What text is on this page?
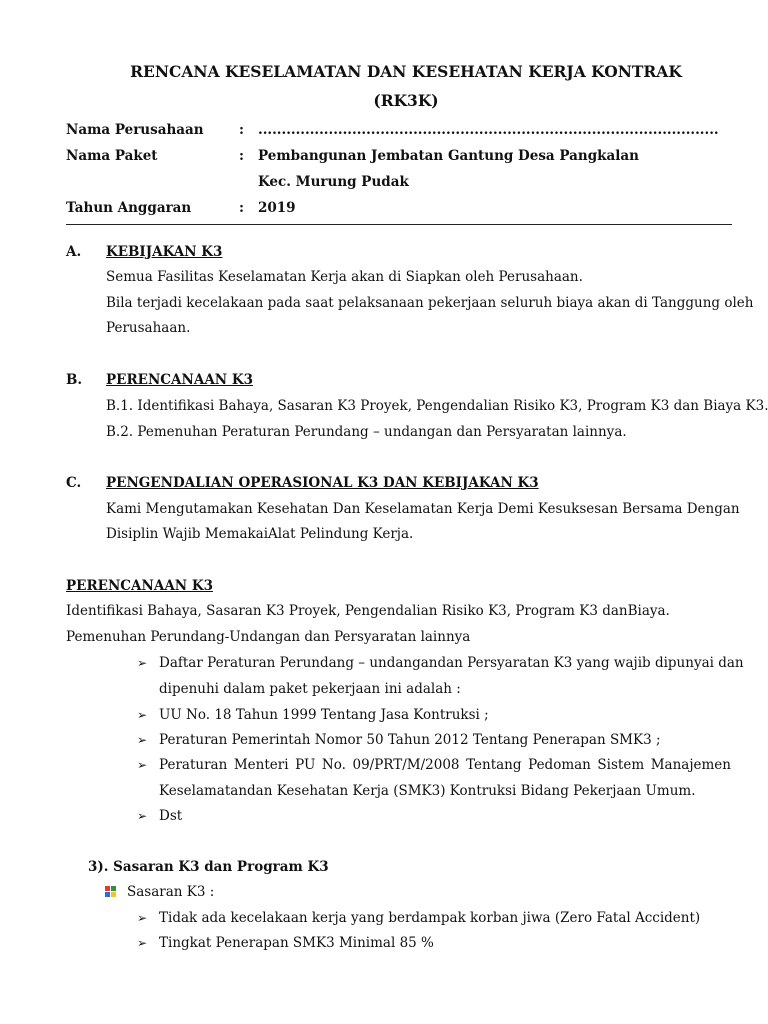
RENCANA KESELAMATAN DAN KESEHATAN KERJA KONTRAK
(RK3K)
Nama Perusahaan	: ..................................................................................................
Nama Paket	: Pembangunan Jembatan Gantung Desa Pangkalan
Kec. Murung Pudak
Tahun Anggaran	: 2019
A. KEBIJAKAN K3
Semua Fasilitas Keselamatan Kerja akan di Siapkan oleh Perusahaan.
Bila terjadi kecelakaan pada saat pelaksanaan pekerjaan seluruh biaya akan di Tanggung oleh
Perusahaan.
B. PERENCANAAN K3
B.1. Identifikasi Bahaya, Sasaran K3 Proyek, Pengendalian Risiko K3, Program K3 dan Biaya K3.
B.2. Pemenuhan Peraturan Perundang – undangan dan Persyaratan lainnya.
C. PENGENDALIAN OPERASIONAL K3 DAN KEBIJAKAN K3
Kami Mengutamakan Kesehatan Dan Keselamatan Kerja Demi Kesuksesan Bersama Dengan
Disiplin Wajib MemakaiAlat Pelindung Kerja.
PERENCANAAN K3
Identifikasi Bahaya, Sasaran K3 Proyek, Pengendalian Risiko K3, Program K3 danBiaya.
Pemenuhan Perundang-Undangan dan Persyaratan lainnya
➢ Daftar Peraturan Perundang – undangandan Persyaratan K3 yang wajib dipunyai dan
dipenuhi dalam paket pekerjaan ini adalah :
➢ UU No. 18 Tahun 1999 Tentang Jasa Kontruksi ;
➢ Peraturan Pemerintah Nomor 50 Tahun 2012 Tentang Penerapan SMK3 ;
➢ Peraturan Menteri PU No. 09/PRT/M/2008 Tentang Pedoman Sistem Manajemen
Keselamatandan Kesehatan Kerja (SMK3) Kontruksi Bidang Pekerjaan Umum.
➢ Dst
3). Sasaran K3 dan Program K3
Sasaran K3 :
➢ Tidak ada kecelakaan kerja yang berdampak korban jiwa (Zero Fatal Accident)
➢ Tingkat Penerapan SMK3 Minimal 85 %
